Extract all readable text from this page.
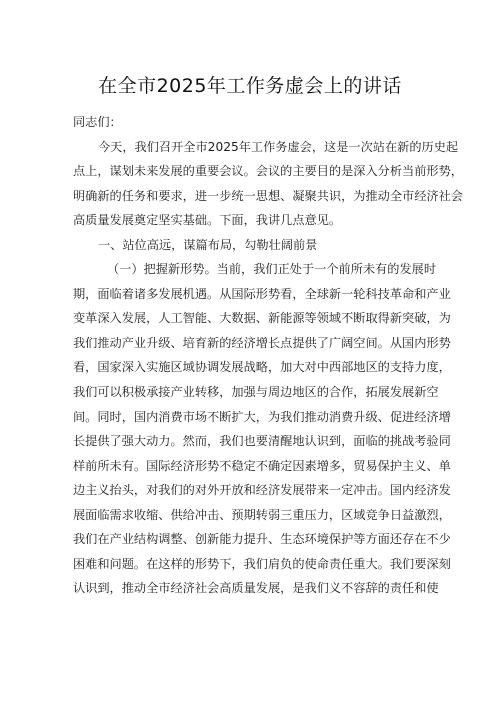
在全市2025年工作务虚会上的讲话
同志们：
今天，我们召开全市2025年工作务虚会，这是一次站在新的历史起
点上，谋划未来发展的重要会议。会议的主要目的是深入分析当前形势，
明确新的任务和要求，进一步统一思想、凝聚共识，为推动全市经济社会
高质量发展奠定坚实基础。下面，我讲几点意见。
一、站位高远，谋篇布局，勾勒壮阔前景
（一）把握新形势。当前，我们正处于一个前所未有的发展时
期，面临着诸多发展机遇。从国际形势看，全球新一轮科技革命和产业
变革深入发展，人工智能、大数据、新能源等领域不断取得新突破，为
我们推动产业升级、培育新的经济增长点提供了广阔空间。从国内形势
看，国家深入实施区域协调发展战略，加大对中西部地区的支持力度，
我们可以积极承接产业转移，加强与周边地区的合作，拓展发展新空
间。同时，国内消费市场不断扩大，为我们推动消费升级、促进经济增
长提供了强大动力。然而，我们也要清醒地认识到，面临的挑战考验同
样前所未有。国际经济形势不稳定不确定因素增多，贸易保护主义、单
边主义抬头，对我们的对外开放和经济发展带来一定冲击。国内经济发
展面临需求收缩、供给冲击、预期转弱三重压力，区域竞争日益激烈，
我们在产业结构调整、创新能力提升、生态环境保护等方面还存在不少
困难和问题。在这样的形势下，我们肩负的使命责任重大。我们要深刻
认识到，推动全市经济社会高质量发展，是我们义不容辞的责任和使
